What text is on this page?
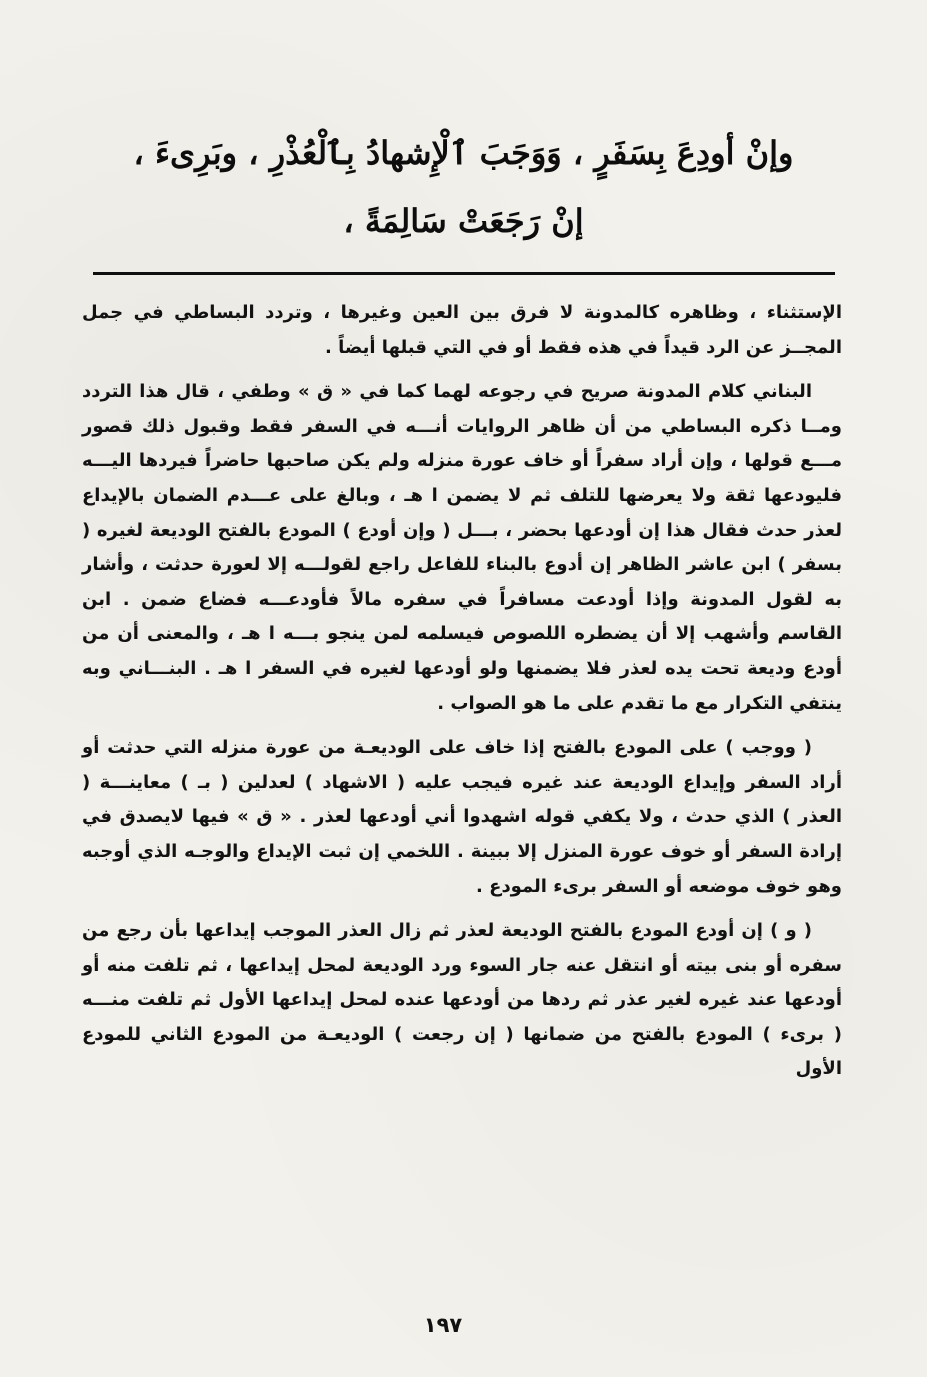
وإنْ أودِعَ بِسَفَرٍ ، وَوَجَبَ ٱلْإِشهادُ بِٱلْعُذْرِ ، وبَرِىءَ ،
إنْ رَجَعَتْ سَالِمَةً ،

الإستثناء ، وظاهره كالمدونة لا فرق بين العين وغيرها ، وتردد البساطي في جمل المجــز عن الرد قيداً في هذه فقط أو في التي قبلها أيضاً .

البناني كلام المدونة صريح في رجوعه لهما كما في « ق » وطفي ، قال هذا التردد ومــا ذكره البساطي من أن ظاهر الروايات أنـــه في السفر فقط وقبول ذلك قصور مـــع قولها ، وإن أراد سفراً أو خاف عورة منزله ولم يكن صاحبها حاضراً فيردها اليـــه فليودعها ثقة ولا يعرضها للتلف ثم لا يضمن ا هـ ، وبالغ على عـــدم الضمان بالإيداع لعذر حدث فقال هذا إن أودعها بحضر ، بـــل ( وإن أودع ) المودع بالفتح الوديعة لغيره ( بسفر ) ابن عاشر الظاهر إن أدوع بالبناء للفاعل راجع لقولـــه إلا لعورة حدثت ، وأشار به لقول المدونة وإذا أودعت مسافراً في سفره مالاً فأودعـــه فضاع ضمن . ابن القاسم وأشهب إلا أن يضطره اللصوص فيسلمه لمن ينجو بـــه ا هـ ، والمعنى أن من أودع وديعة تحت يده لعذر فلا يضمنها ولو أودعها لغيره في السفر ا هـ . البنـــاني وبه ينتفي التكرار مع ما تقدم على ما هو الصواب .

( ووجب ) على المودع بالفتح إذا خاف على الوديعـة من عورة منزله التي حدثت أو أراد السفر وإيداع الوديعة عند غيره فيجب عليه ( الاشهاد ) لعدلين ( بـ ) معاينـــة ( العذر ) الذي حدث ، ولا يكفي قوله اشهدوا أني أودعها لعذر . « ق » فيها لايصدق في إرادة السفر أو خوف عورة المنزل إلا ببينة . اللخمي إن ثبت الإيداع والوجـه الذي أوجبه وهو خوف موضعه أو السفر برىء المودع .

( و ) إن أودع المودع بالفتح الوديعة لعذر ثم زال العذر الموجب إيداعها بأن رجع من سفره أو بنى بيته أو انتقل عنه جار السوء ورد الوديعة لمحل إيداعها ، ثم تلفت منه أو أودعها عند غيره لغير عذر ثم ردها من أودعها عنده لمحل إيداعها الأول ثم تلفت منـــه ( برىء ) المودع بالفتح من ضمانها ( إن رجعت ) الوديعـة من المودع الثاني للمودع الأول

١٩٧
